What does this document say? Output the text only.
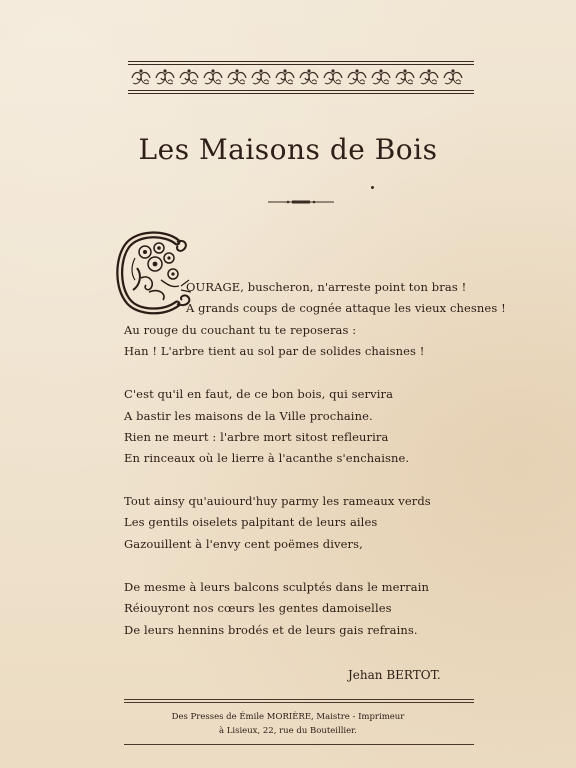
Les Maisons de Bois
OURAGE, buscheron, n'arreste point ton bras !
A grands coups de cognée attaque les vieux chesnes !
Au rouge du couchant tu te reposeras :
Han ! L'arbre tient au sol par de solides chaisnes !
C'est qu'il en faut, de ce bon bois, qui servira
A bastir les maisons de la Ville prochaine.
Rien ne meurt : l'arbre mort sitost refleurira
En rinceaux où le lierre à l'acanthe s'enchaisne.
Tout ainsy qu'auiourd'huy parmy les rameaux verds
Les gentils oiselets palpitant de leurs ailes
Gazouillent à l'envy cent poëmes divers,
De mesme à leurs balcons sculptés dans le merrain
Réiouyront nos cœurs les gentes damoiselles
De leurs hennins brodés et de leurs gais refrains.
Jehan BERTOT.
Des Presses de Émile MORIÈRE, Maistre - Imprimeur
à Lisieux, 22, rue du Bouteillier.
